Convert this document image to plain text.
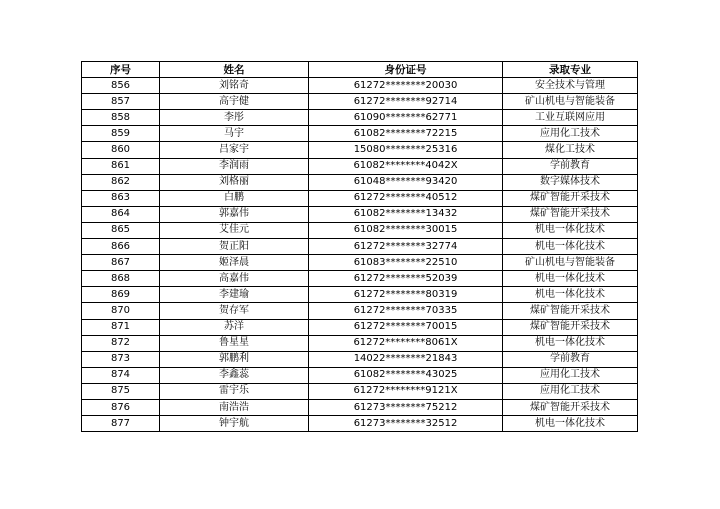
序号	姓名	身份证号	录取专业
856	刘铭奇	61272********20030	安全技术与管理
857	高宇健	61272********92714	矿山机电与智能装备
858	李彤	61090********62771	工业互联网应用
859	马宇	61082********72215	应用化工技术
860	吕家宇	15080********25316	煤化工技术
861	李润雨	61082********4042X	学前教育
862	刘格丽	61048********93420	数字媒体技术
863	白鹏	61272********40512	煤矿智能开采技术
864	郭嘉伟	61082********13432	煤矿智能开采技术
865	艾佳元	61082********30015	机电一体化技术
866	贺正阳	61272********32774	机电一体化技术
867	姬泽晨	61083********22510	矿山机电与智能装备
868	高嘉伟	61272********52039	机电一体化技术
869	李建瑜	61272********80319	机电一体化技术
870	贺存军	61272********70335	煤矿智能开采技术
871	苏洋	61272********70015	煤矿智能开采技术
872	鲁星星	61272********8061X	机电一体化技术
873	郭鹏利	14022********21843	学前教育
874	李鑫蕊	61082********43025	应用化工技术
875	雷宇乐	61272********9121X	应用化工技术
876	南浩浩	61273********75212	煤矿智能开采技术
877	钟宇航	61273********32512	机电一体化技术
